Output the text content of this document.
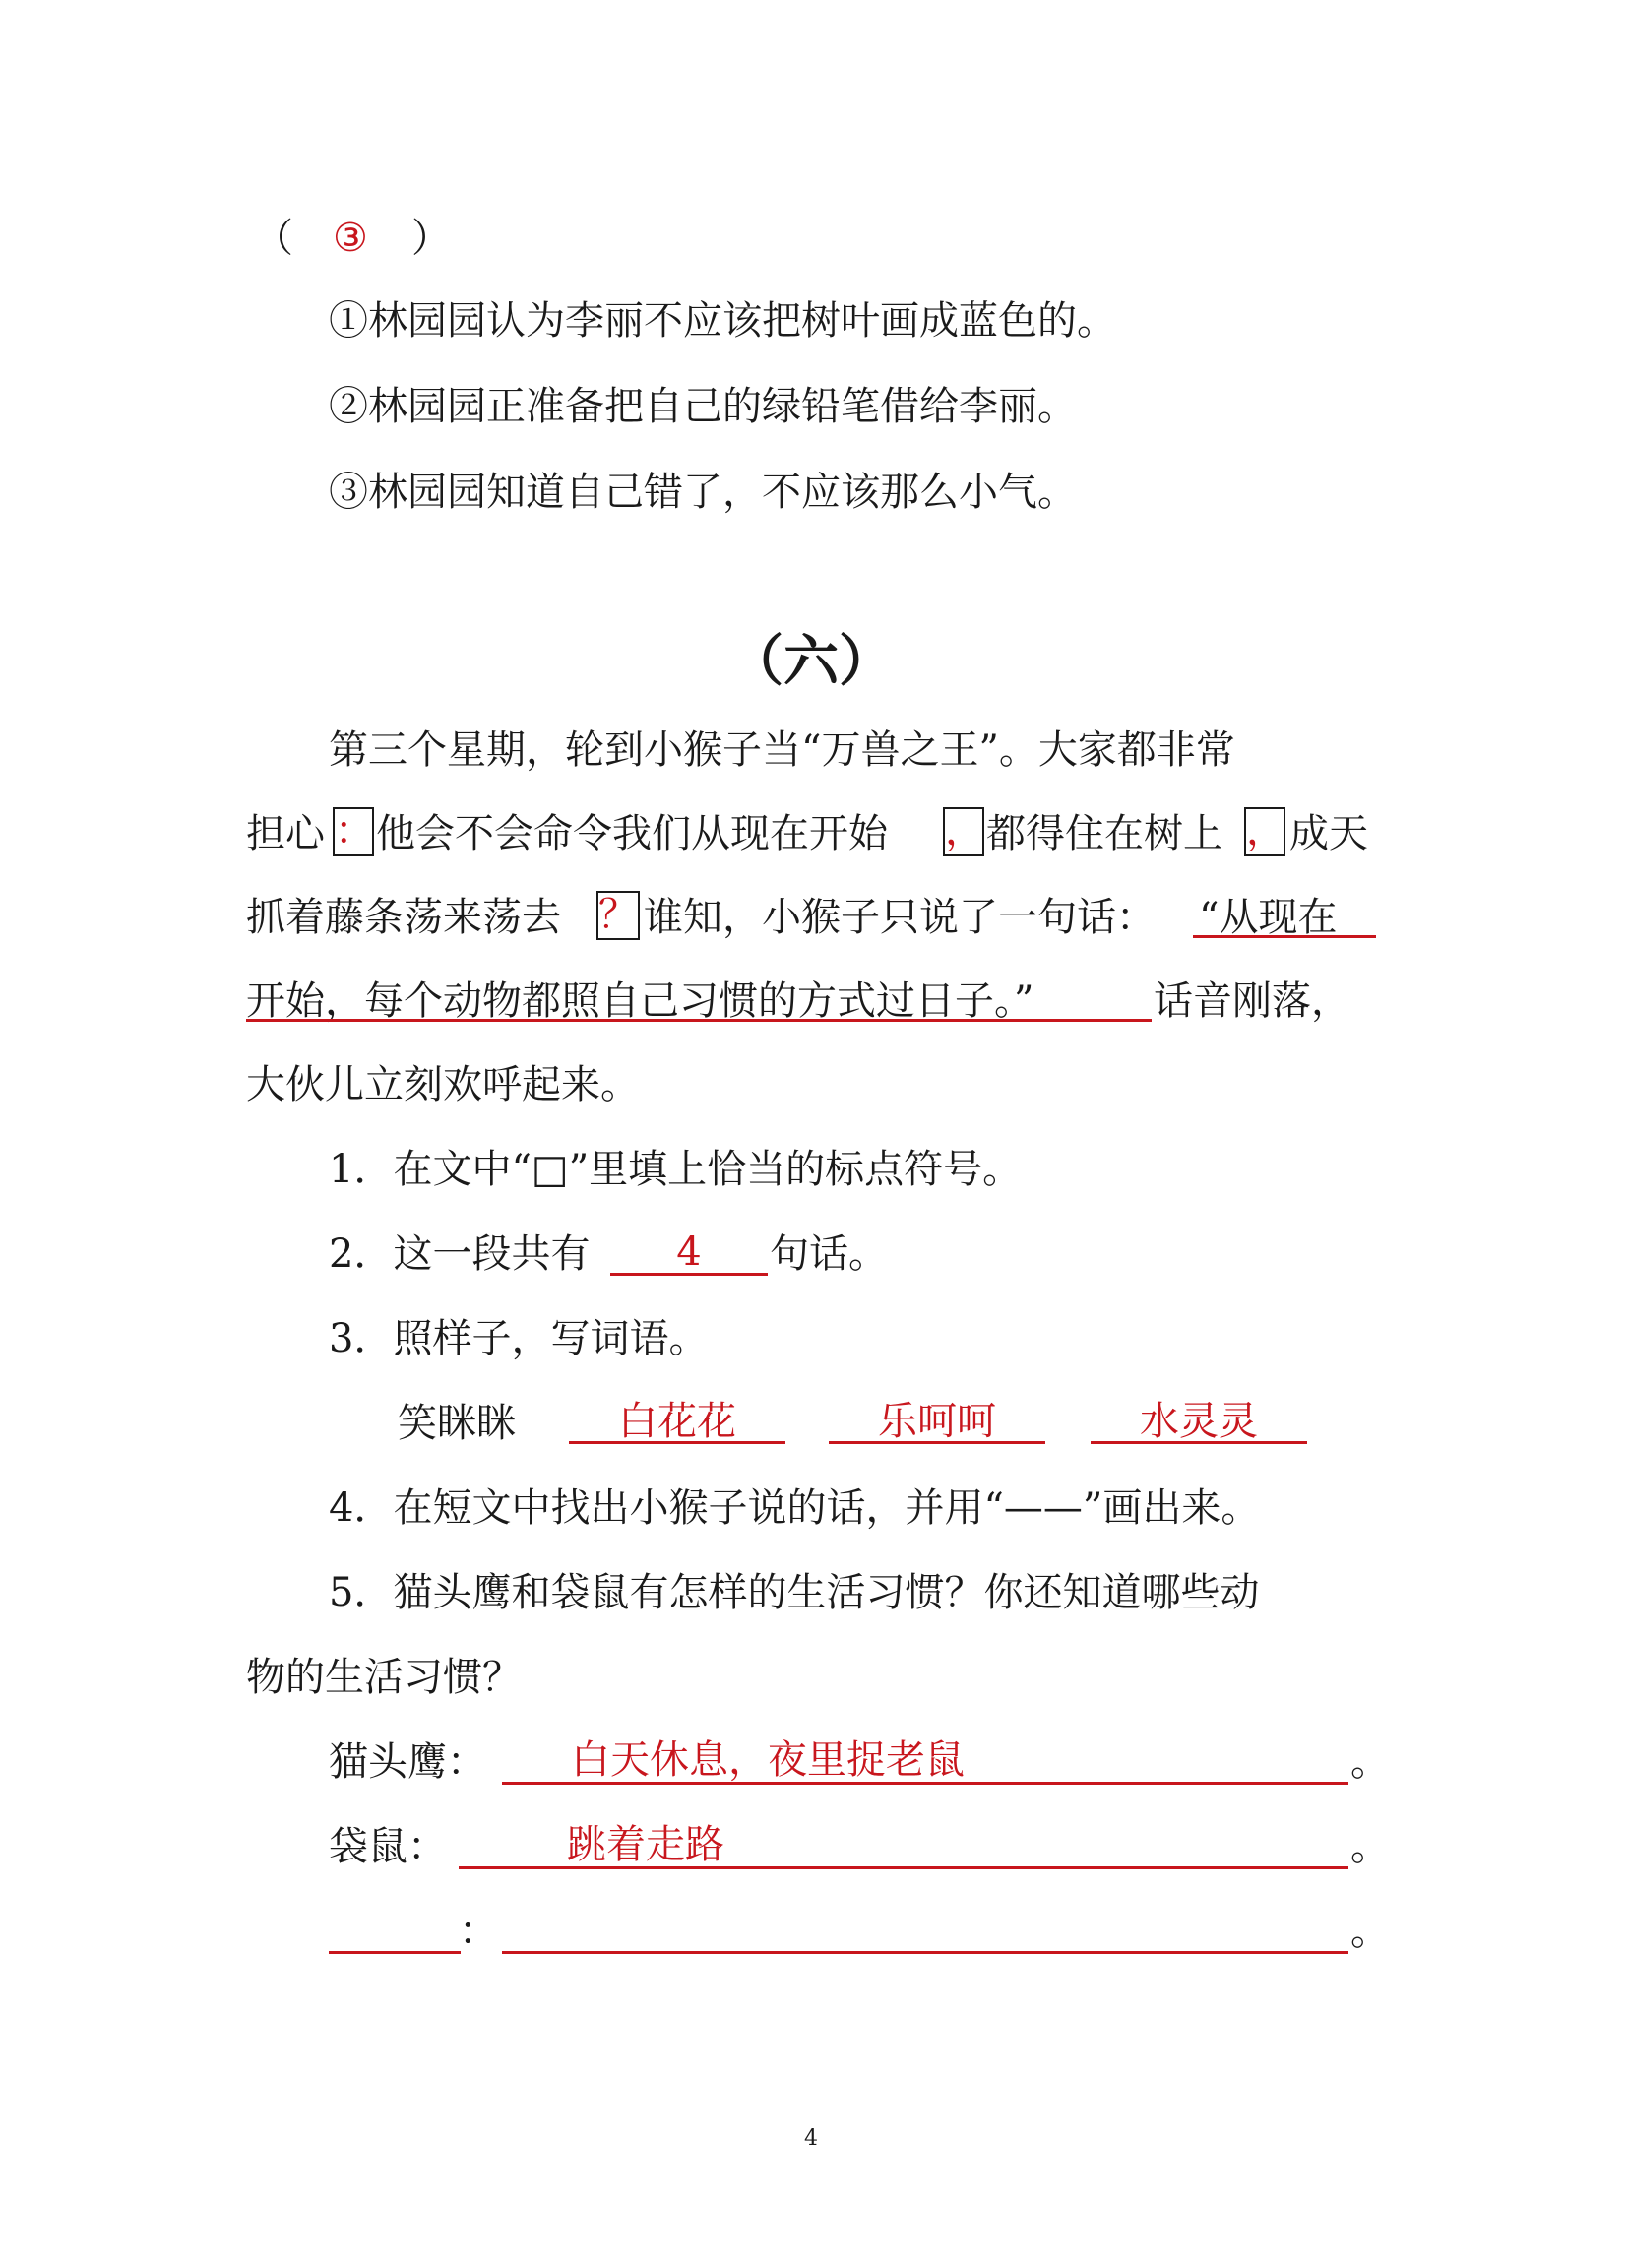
（ ③ ）
①林园园认为李丽不应该把树叶画成蓝色的。
②林园园正准备把自己的绿铅笔借给李丽。
③林园园知道自己错了，不应该那么小气。
（六）
第三个星期，轮到小猴子当“万兽之王”。大家都非常
担心 ： 他会不会命令我们从现在开始 ， 都得住在树上 ， 成天
抓着藤条荡来荡去 ？ 谁知，小猴子只说了一句话： “从现在
开始，每个动物都照自己习惯的方式过日子。”	话音刚落，
大伙儿立刻欢呼起来。
1．在文中“□”里填上恰当的标点符号。
2．这一段共有	4	句话。
3．照样子，写词语。
笑眯眯	白花花	乐呵呵	水灵灵
4．在短文中找出小猴子说的话，并用“——”画出来。
5．猫头鹰和袋鼠有怎样的生活习惯？你还知道哪些动
物的生活习惯？
猫头鹰： 白天休息，夜里捉老鼠	。
袋鼠：	跳着走路	。
：	。
4
